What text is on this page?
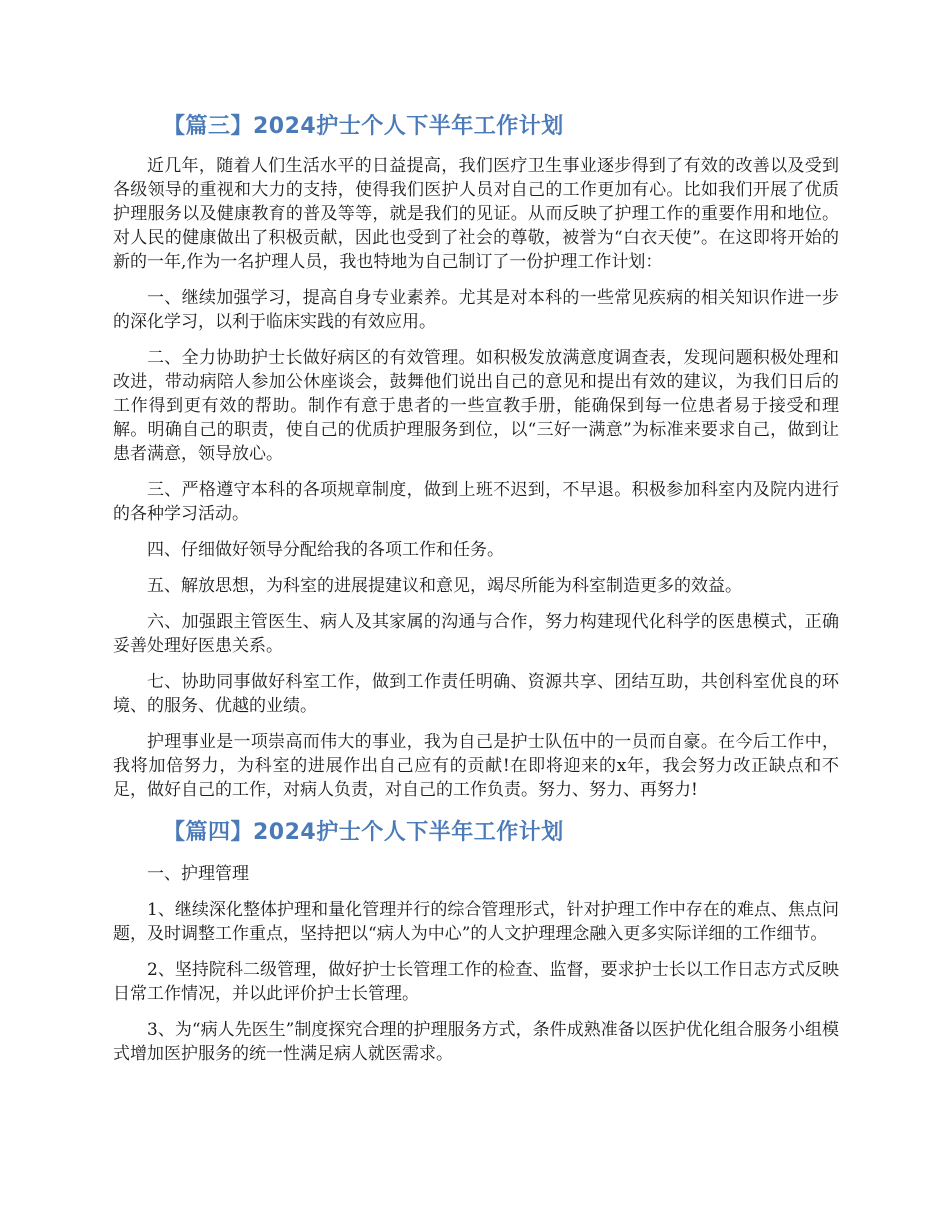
【篇三】2024护士个人下半年工作计划

近几年，随着人们生活水平的日益提高，我们医疗卫生事业逐步得到了有效的改善以及受到各级领导的重视和大力的支持，使得我们医护人员对自己的工作更加有心。比如我们开展了优质护理服务以及健康教育的普及等等，就是我们的见证。从而反映了护理工作的重要作用和地位。对人民的健康做出了积极贡献，因此也受到了社会的尊敬，被誉为“白衣天使”。在这即将开始的新的一年,作为一名护理人员，我也特地为自己制订了一份护理工作计划：

一、继续加强学习，提高自身专业素养。尤其是对本科的一些常见疾病的相关知识作进一步的深化学习，以利于临床实践的有效应用。

二、全力协助护士长做好病区的有效管理。如积极发放满意度调查表，发现问题积极处理和改进，带动病陪人参加公休座谈会，鼓舞他们说出自己的意见和提出有效的建议，为我们日后的工作得到更有效的帮助。制作有意于患者的一些宣教手册，能确保到每一位患者易于接受和理解。明确自己的职责，使自己的优质护理服务到位，以“三好一满意”为标准来要求自己，做到让患者满意，领导放心。

三、严格遵守本科的各项规章制度，做到上班不迟到，不早退。积极参加科室内及院内进行的各种学习活动。

四、仔细做好领导分配给我的各项工作和任务。

五、解放思想，为科室的进展提建议和意见，竭尽所能为科室制造更多的效益。

六、加强跟主管医生、病人及其家属的沟通与合作，努力构建现代化科学的医患模式，正确妥善处理好医患关系。

七、协助同事做好科室工作，做到工作责任明确、资源共享、团结互助，共创科室优良的环境、的服务、优越的业绩。

护理事业是一项崇高而伟大的事业，我为自己是护士队伍中的一员而自豪。在今后工作中，我将加倍努力，为科室的进展作出自己应有的贡献!在即将迎来的x年，我会努力改正缺点和不足，做好自己的工作，对病人负责，对自己的工作负责。努力、努力、再努力!

【篇四】2024护士个人下半年工作计划

一、护理管理

1、继续深化整体护理和量化管理并行的综合管理形式，针对护理工作中存在的难点、焦点问题，及时调整工作重点，坚持把以“病人为中心”的人文护理理念融入更多实际详细的工作细节。

2、坚持院科二级管理，做好护士长管理工作的检查、监督，要求护士长以工作日志方式反映日常工作情况，并以此评价护士长管理。

3、为“病人先医生”制度探究合理的护理服务方式，条件成熟准备以医护优化组合服务小组模式增加医护服务的统一性满足病人就医需求。
